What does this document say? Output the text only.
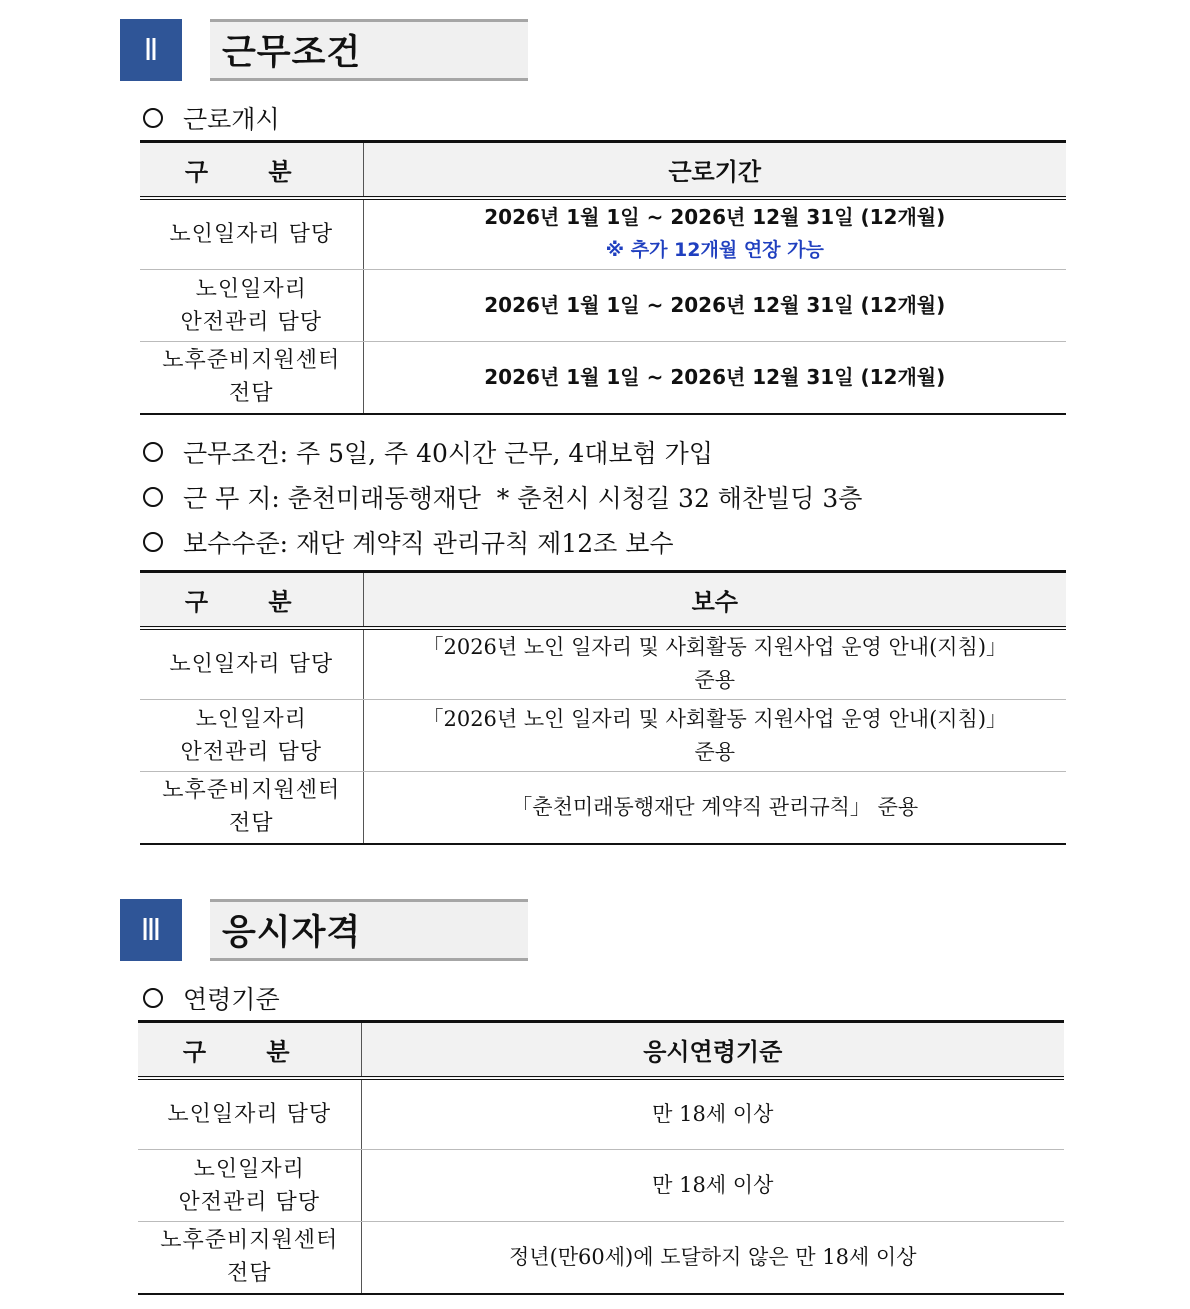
Ⅱ	근무조건
근로개시
구 분	근로기간
노인일자리 담당	2026년 1월 1일 ~ 2026년 12월 31일 (12개월)
※ 추가 12개월 연장 가능

노인일자리
안전관리 담당	2026년 1월 1일 ~ 2026년 12월 31일 (12개월)
노후준비지원센터
전담	2026년 1월 1일 ~ 2026년 12월 31일 (12개월)
근무조건: 주 5일, 주 40시간 근무, 4대보험 가입
근 무 지: 춘천미래동행재단  * 춘천시 시청길 32 해찬빌딩 3층
보수수준: 재단 계약직 관리규칙 제12조 보수
구 분	보수
노인일자리 담당	「2026년 노인 일자리 및 사회활동 지원사업 운영 안내(지침)」
준용
노인일자리
안전관리 담당	「2026년 노인 일자리 및 사회활동 지원사업 운영 안내(지침)」
준용
노후준비지원센터
전담	「춘천미래동행재단 계약직 관리규칙」 준용
Ⅲ	응시자격
연령기준
구 분	응시연령기준
노인일자리 담당	만 18세 이상
노인일자리
안전관리 담당	만 18세 이상
노후준비지원센터
전담	정년(만60세)에 도달하지 않은 만 18세 이상
